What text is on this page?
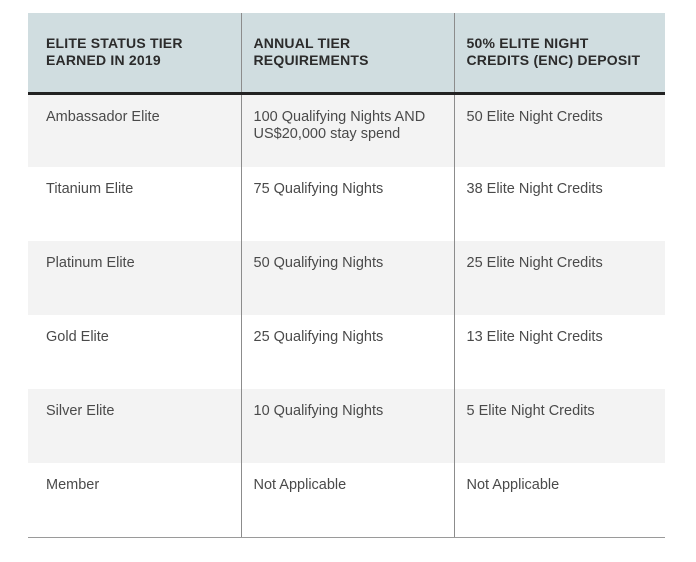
ELITE STATUS TIER EARNED IN 2019	ANNUAL TIER REQUIREMENTS	50% ELITE NIGHT CREDITS (ENC) DEPOSIT
Ambassador Elite	100 Qualifying Nights AND US$20,000 stay spend	50 Elite Night Credits
Titanium Elite	75 Qualifying Nights	38 Elite Night Credits
Platinum Elite	50 Qualifying Nights	25 Elite Night Credits
Gold Elite	25 Qualifying Nights	13 Elite Night Credits
Silver Elite	10 Qualifying Nights	5 Elite Night Credits
Member	Not Applicable	Not Applicable
